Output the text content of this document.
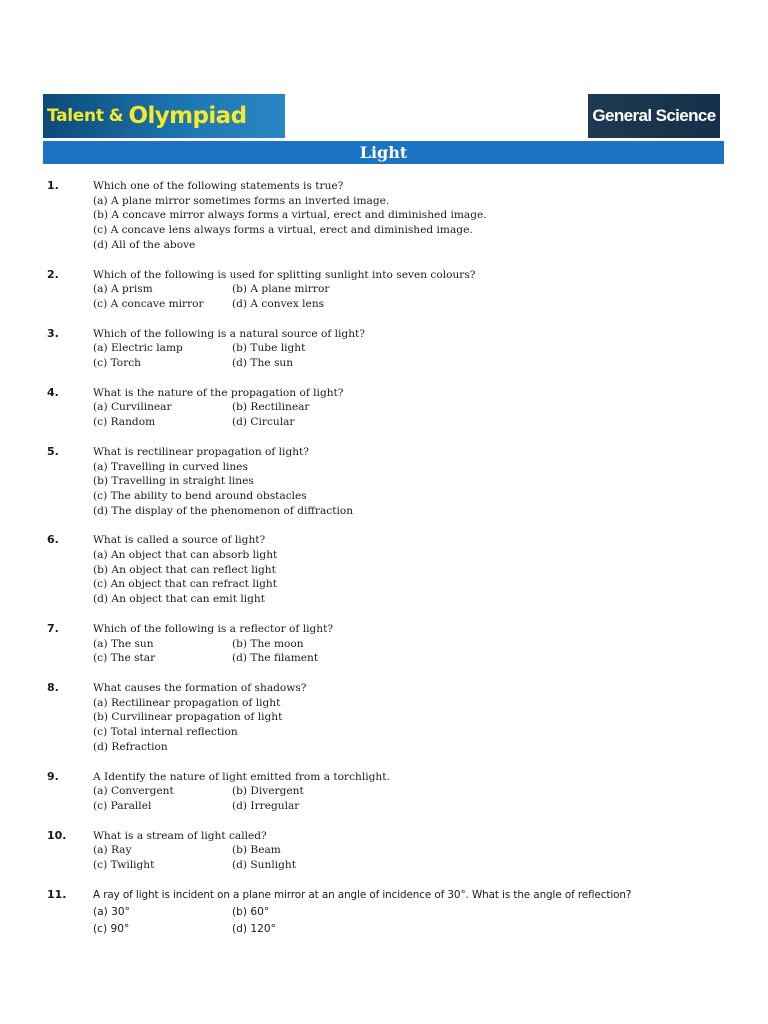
Talent & Olympiad	General Science
Light
1.	Which one of the following statements is true?
(a) A plane mirror sometimes forms an inverted image.
(b) A concave mirror always forms a virtual, erect and diminished image.
(c) A concave lens always forms a virtual, erect and diminished image.
(d) All of the above
2.	Which of the following is used for splitting sunlight into seven colours?
(a) A prism	(b) A plane mirror
(c) A concave mirror	(d) A convex lens
3.	Which of the following is a natural source of light?
(a) Electric lamp	(b) Tube light
(c) Torch	(d) The sun
4.	What is the nature of the propagation of light?
(a) Curvilinear	(b) Rectilinear
(c) Random	(d) Circular
5.	What is rectilinear propagation of light?
(a) Travelling in curved lines
(b) Travelling in straight lines
(c) The ability to bend around obstacles
(d) The display of the phenomenon of diffraction
6.	What is called a source of light?
(a) An object that can absorb light
(b) An object that can reflect light
(c) An object that can refract light
(d) An object that can emit light
7.	Which of the following is a reflector of light?
(a) The sun	(b) The moon
(c) The star	(d) The filament
8.	What causes the formation of shadows?
(a) Rectilinear propagation of light
(b) Curvilinear propagation of light
(c) Total internal reflection
(d) Refraction
9.	A Identify the nature of light emitted from a torchlight.
(a) Convergent	(b) Divergent
(c) Parallel	(d) Irregular
10.	What is a stream of light called?
(a) Ray	(b) Beam
(c) Twilight	(d) Sunlight
11.	A ray of light is incident on a plane mirror at an angle of incidence of 30°. What is the angle of reflection?
(a) 30°	(b) 60°
(c) 90°	(d) 120°
